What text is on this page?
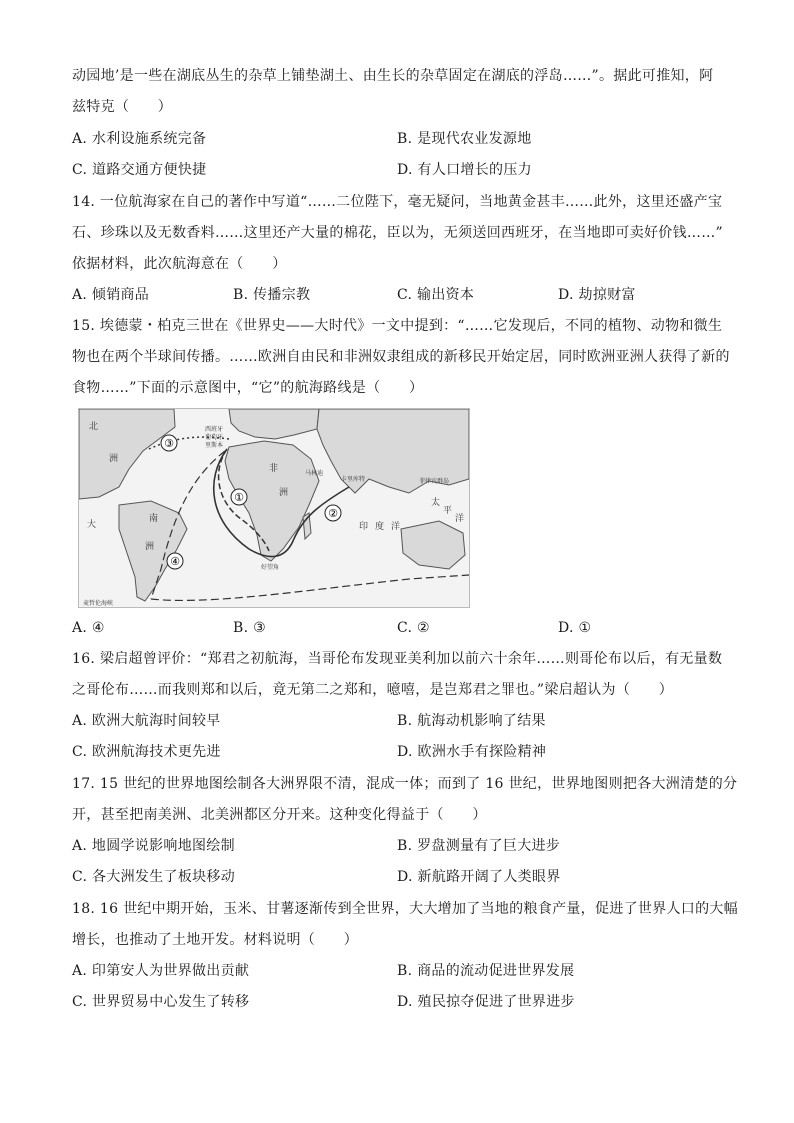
动园地’是一些在湖底丛生的杂草上铺垫湖土、由生长的杂草固定在湖底的浮岛……”。据此可推知，阿
兹特克（　　）
A. 水利设施系统完备	B. 是现代农业发源地
C. 道路交通方便快捷	D. 有人口增长的压力
14. 一位航海家在自己的著作中写道“……二位陛下，毫无疑问，当地黄金甚丰……此外，这里还盛产宝
石、珍珠以及无数香料……这里还产大量的棉花，臣以为，无须送回西班牙，在当地即可卖好价钱……”
依据材料，此次航海意在（　　）
A. 倾销商品	B. 传播宗教	C. 输出资本	D. 劫掠财富
15. 埃德蒙・柏克三世在《世界史——大时代》一文中提到：“……它发现后，不同的植物、动物和微生
物也在两个半球间传播。……欧洲自由民和非洲奴隶组成的新移民开始定居，同时欧洲亚洲人获得了新的
食物……”下面的示意图中，“它”的航海路线是（　　）
③
①
②
④
北
洲
大
南
洲
非
洲
印 度 洋
太
平
洋
西班牙
葡萄牙
里斯本
马林迪
卡里库特
好望角
麦哲伦海峡
菲律宾群岛
A. ④	B. ③	C. ②	D. ①
16. 梁启超曾评价：“郑君之初航海，当哥伦布发现亚美利加以前六十余年……则哥伦布以后，有无量数
之哥伦布……而我则郑和以后，竟无第二之郑和，噫嘻，是岂郑君之罪也。”梁启超认为（　　）
A. 欧洲大航海时间较早	B. 航海动机影响了结果
C. 欧洲航海技术更先进	D. 欧洲水手有探险精神
17. 15 世纪的世界地图绘制各大洲界限不清，混成一体；而到了 16 世纪，世界地图则把各大洲清楚的分
开，甚至把南美洲、北美洲都区分开来。这种变化得益于（　　）
A. 地圆学说影响地图绘制	B. 罗盘测量有了巨大进步
C. 各大洲发生了板块移动	D. 新航路开阔了人类眼界
18. 16 世纪中期开始，玉米、甘薯逐渐传到全世界，大大增加了当地的粮食产量，促进了世界人口的大幅
增长，也推动了土地开发。材料说明（　　）
A. 印第安人为世界做出贡献	B. 商品的流动促进世界发展
C. 世界贸易中心发生了转移	D. 殖民掠夺促进了世界进步
